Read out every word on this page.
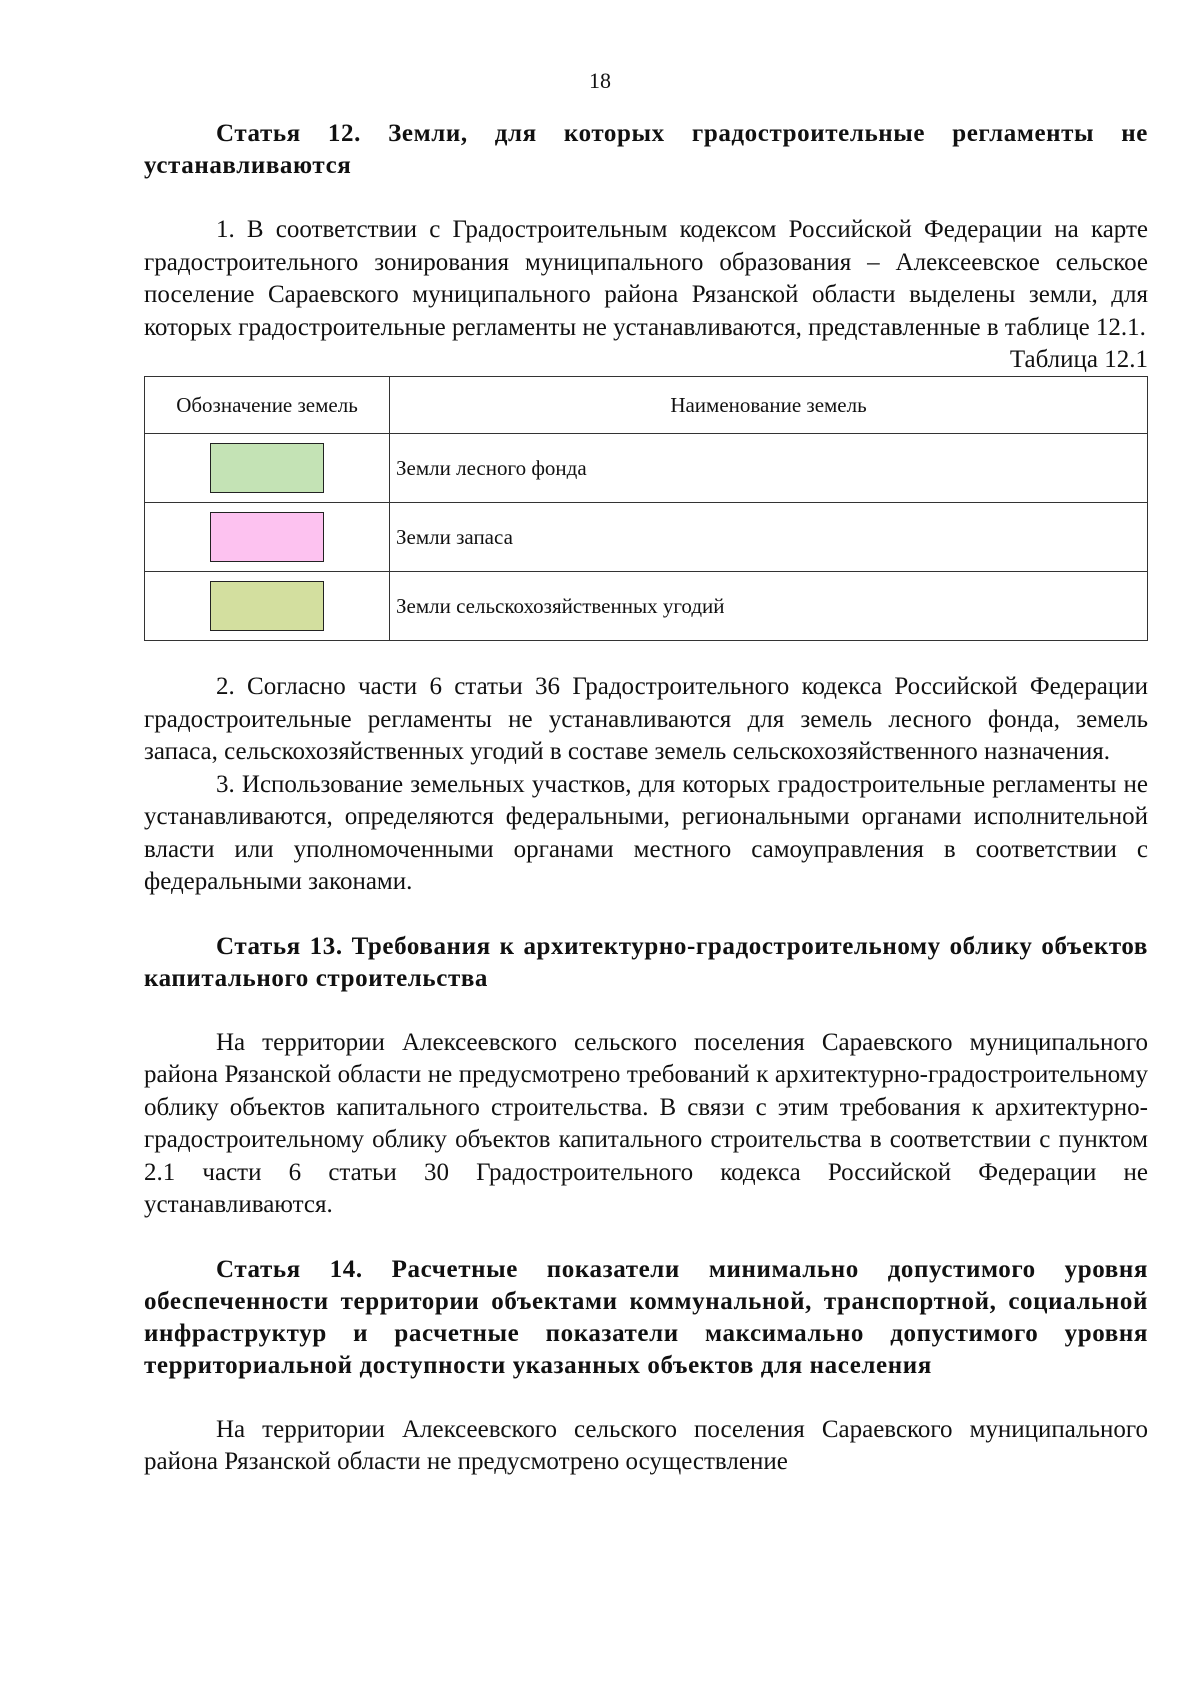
18

Статья 12. Земли, для которых градостроительные регламенты не устанавливаются

1. В соответствии с Градостроительным кодексом Российской Федерации на карте градостроительного зонирования муниципального образования – Алексеевское сельское поселение Сараевского муниципального района Рязанской области выделены земли, для которых градостроительные регламенты не устанавливаются, представленные в таблице 12.1.

Таблица 12.1

Обозначение земель	Наименование земель
	Земли лесного фонда
	Земли запаса
	Земли сельскохозяйственных угодий

2. Согласно части 6 статьи 36 Градостроительного кодекса Российской Федерации градостроительные регламенты не устанавливаются для земель лесного фонда, земель запаса, сельскохозяйственных угодий в составе земель сельскохозяйственного назначения.

3. Использование земельных участков, для которых градостроительные регламенты не устанавливаются, определяются федеральными, региональными органами исполнительной власти или уполномоченными органами местного самоуправления в соответствии с федеральными законами.

Статья 13. Требования к архитектурно-градостроительному облику объектов капитального строительства

На территории Алексеевского сельского поселения Сараевского муниципального района Рязанской области не предусмотрено требований к архитектурно-градостроительному облику объектов капитального строительства. В связи с этим требования к архитектурно-градостроительному облику объектов капитального строительства в соответствии с пунктом 2.1 части 6 статьи 30 Градостроительного кодекса Российской Федерации не устанавливаются.

Статья 14. Расчетные показатели минимально допустимого уровня обеспеченности территории объектами коммунальной, транспортной, социальной инфраструктур и расчетные показатели максимально допустимого уровня территориальной доступности указанных объектов для населения

На территории Алексеевского сельского поселения Сараевского муниципального района Рязанской области не предусмотрено осуществление
